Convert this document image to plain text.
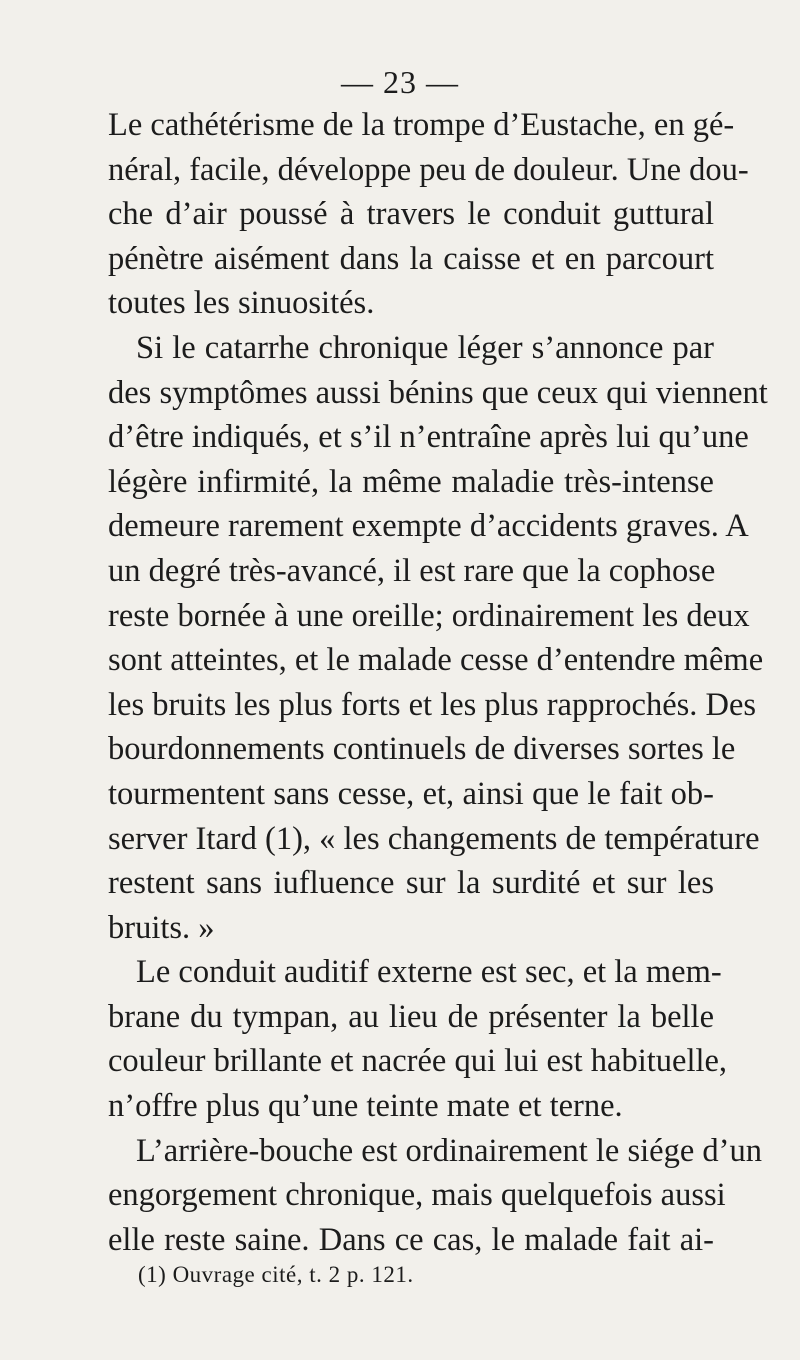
— 23 —
Le cathétérisme de la trompe d’Eustache, en gé-
néral, facile, développe peu de douleur. Une dou-
che d’air poussé à travers le conduit guttural
pénètre aisément dans la caisse et en parcourt
toutes les sinuosités.
Si le catarrhe chronique léger s’annonce par
des symptômes aussi bénins que ceux qui viennent
d’être indiqués, et s’il n’entraîne après lui qu’une
légère infirmité, la même maladie très-intense
demeure rarement exempte d’accidents graves. A
un degré très-avancé, il est rare que la cophose
reste bornée à une oreille; ordinairement les deux
sont atteintes, et le malade cesse d’entendre même
les bruits les plus forts et les plus rapprochés. Des
bourdonnements continuels de diverses sortes le
tourmentent sans cesse, et, ainsi que le fait ob-
server Itard (1), « les changements de température
restent sans iufluence sur la surdité et sur les
bruits. »
Le conduit auditif externe est sec, et la mem-
brane du tympan, au lieu de présenter la belle
couleur brillante et nacrée qui lui est habituelle,
n’offre plus qu’une teinte mate et terne.
L’arrière-bouche est ordinairement le siége d’un
engorgement chronique, mais quelquefois aussi
elle reste saine. Dans ce cas, le malade fait ai-
(1) Ouvrage cité, t. 2 p. 121.
